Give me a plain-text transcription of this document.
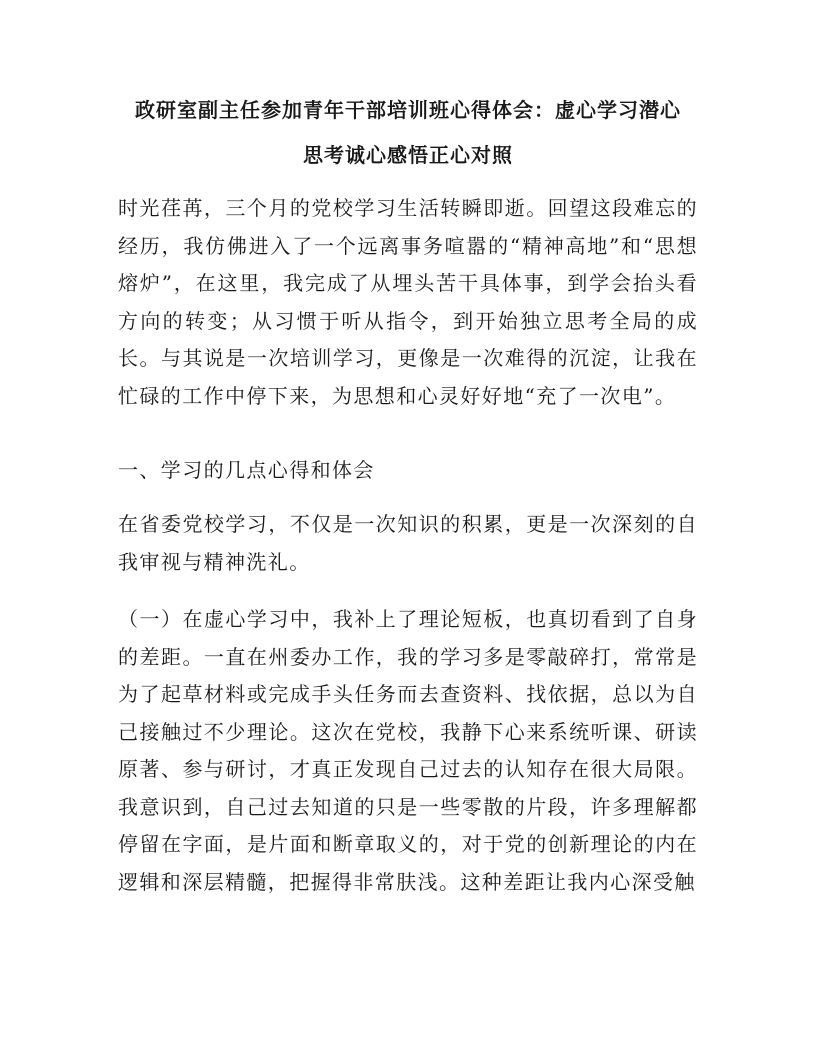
政研室副主任参加青年干部培训班心得体会：虚心学习潜心
思考诚心感悟正心对照

时光荏苒，三个月的党校学习生活转瞬即逝。回望这段难忘的经历，我仿佛进入了一个远离事务喧嚣的“精神高地”和“思想熔炉”，在这里，我完成了从埋头苦干具体事，到学会抬头看方向的转变；从习惯于听从指令，到开始独立思考全局的成长。与其说是一次培训学习，更像是一次难得的沉淀，让我在忙碌的工作中停下来，为思想和心灵好好地“充了一次电”。

一、学习的几点心得和体会

在省委党校学习，不仅是一次知识的积累，更是一次深刻的自我审视与精神洗礼。

（一）在虚心学习中，我补上了理论短板，也真切看到了自身的差距。一直在州委办工作，我的学习多是零敲碎打，常常是为了起草材料或完成手头任务而去查资料、找依据，总以为自己接触过不少理论。这次在党校，我静下心来系统听课、研读原著、参与研讨，才真正发现自己过去的认知存在很大局限。我意识到，自己过去知道的只是一些零散的片段，许多理解都停留在字面，是片面和断章取义的，对于党的创新理论的内在逻辑和深层精髓，把握得非常肤浅。这种差距让我内心深受触
